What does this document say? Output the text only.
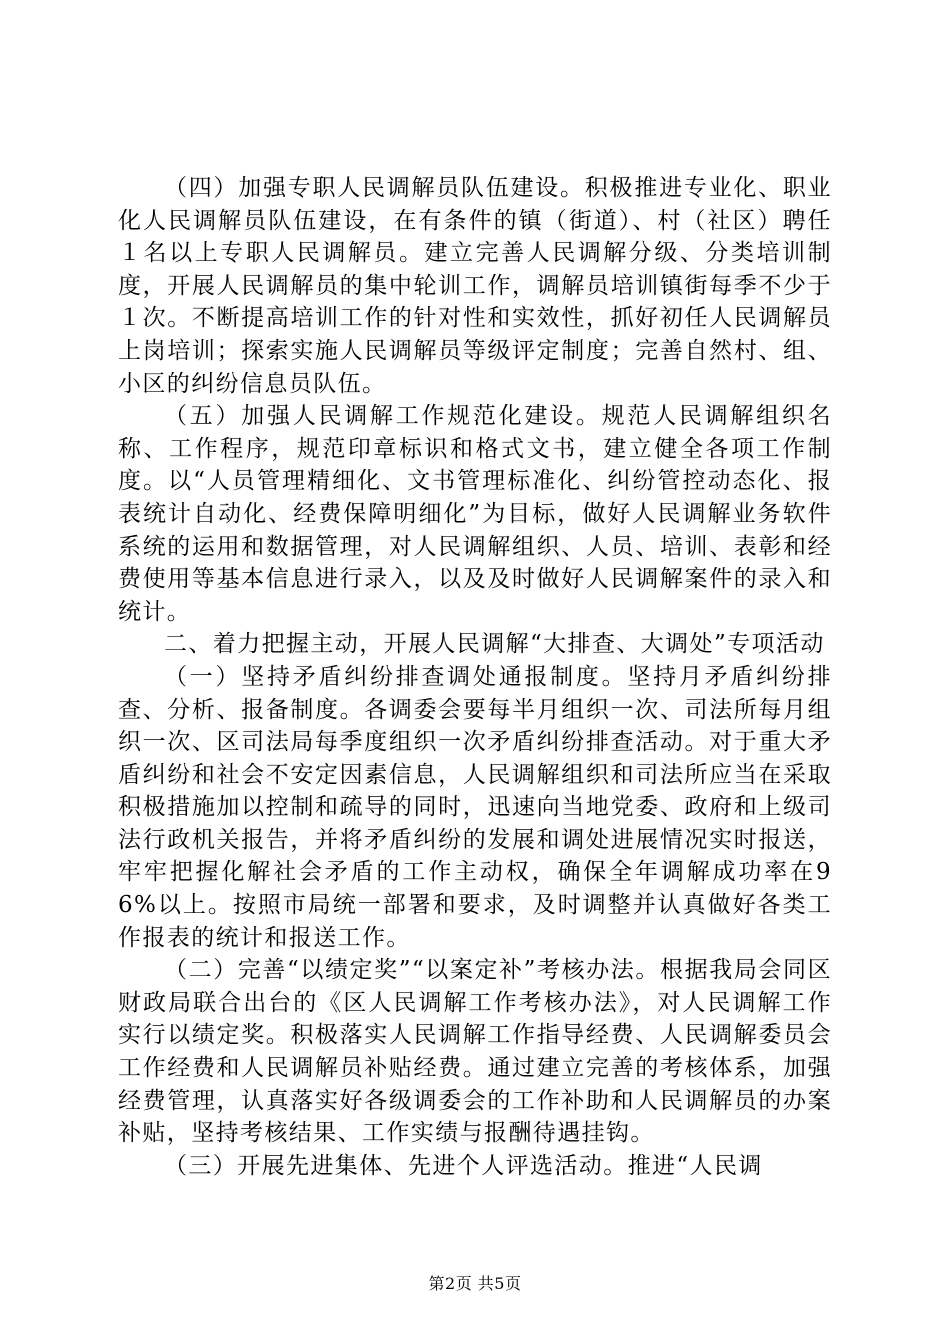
（四）加强专职人民调解员队伍建设。积极推进专业化、职业化人民调解员队伍建设，在有条件的镇（街道）、村（社区）聘任１名以上专职人民调解员。建立完善人民调解分级、分类培训制度，开展人民调解员的集中轮训工作，调解员培训镇街每季不少于１次。不断提高培训工作的针对性和实效性，抓好初任人民调解员上岗培训；探索实施人民调解员等级评定制度；完善自然村、组、小区的纠纷信息员队伍。

（五）加强人民调解工作规范化建设。规范人民调解组织名称、工作程序，规范印章标识和格式文书，建立健全各项工作制度。以“人员管理精细化、文书管理标准化、纠纷管控动态化、报表统计自动化、经费保障明细化”为目标，做好人民调解业务软件系统的运用和数据管理，对人民调解组织、人员、培训、表彰和经费使用等基本信息进行录入，以及及时做好人民调解案件的录入和统计。

二、着力把握主动，开展人民调解“大排查、大调处”专项活动

（一）坚持矛盾纠纷排查调处通报制度。坚持月矛盾纠纷排查、分析、报备制度。各调委会要每半月组织一次、司法所每月组织一次、区司法局每季度组织一次矛盾纠纷排查活动。对于重大矛盾纠纷和社会不安定因素信息，人民调解组织和司法所应当在采取积极措施加以控制和疏导的同时，迅速向当地党委、政府和上级司法行政机关报告，并将矛盾纠纷的发展和调处进展情况实时报送，牢牢把握化解社会矛盾的工作主动权，确保全年调解成功率在96%以上。按照市局统一部署和要求，及时调整并认真做好各类工作报表的统计和报送工作。

（二）完善“以绩定奖”“以案定补”考核办法。根据我局会同区财政局联合出台的《区人民调解工作考核办法》，对人民调解工作实行以绩定奖。积极落实人民调解工作指导经费、人民调解委员会工作经费和人民调解员补贴经费。通过建立完善的考核体系，加强经费管理，认真落实好各级调委会的工作补助和人民调解员的办案补贴，坚持考核结果、工作实绩与报酬待遇挂钩。

（三）开展先进集体、先进个人评选活动。推进“人民调

第2页 共5页
